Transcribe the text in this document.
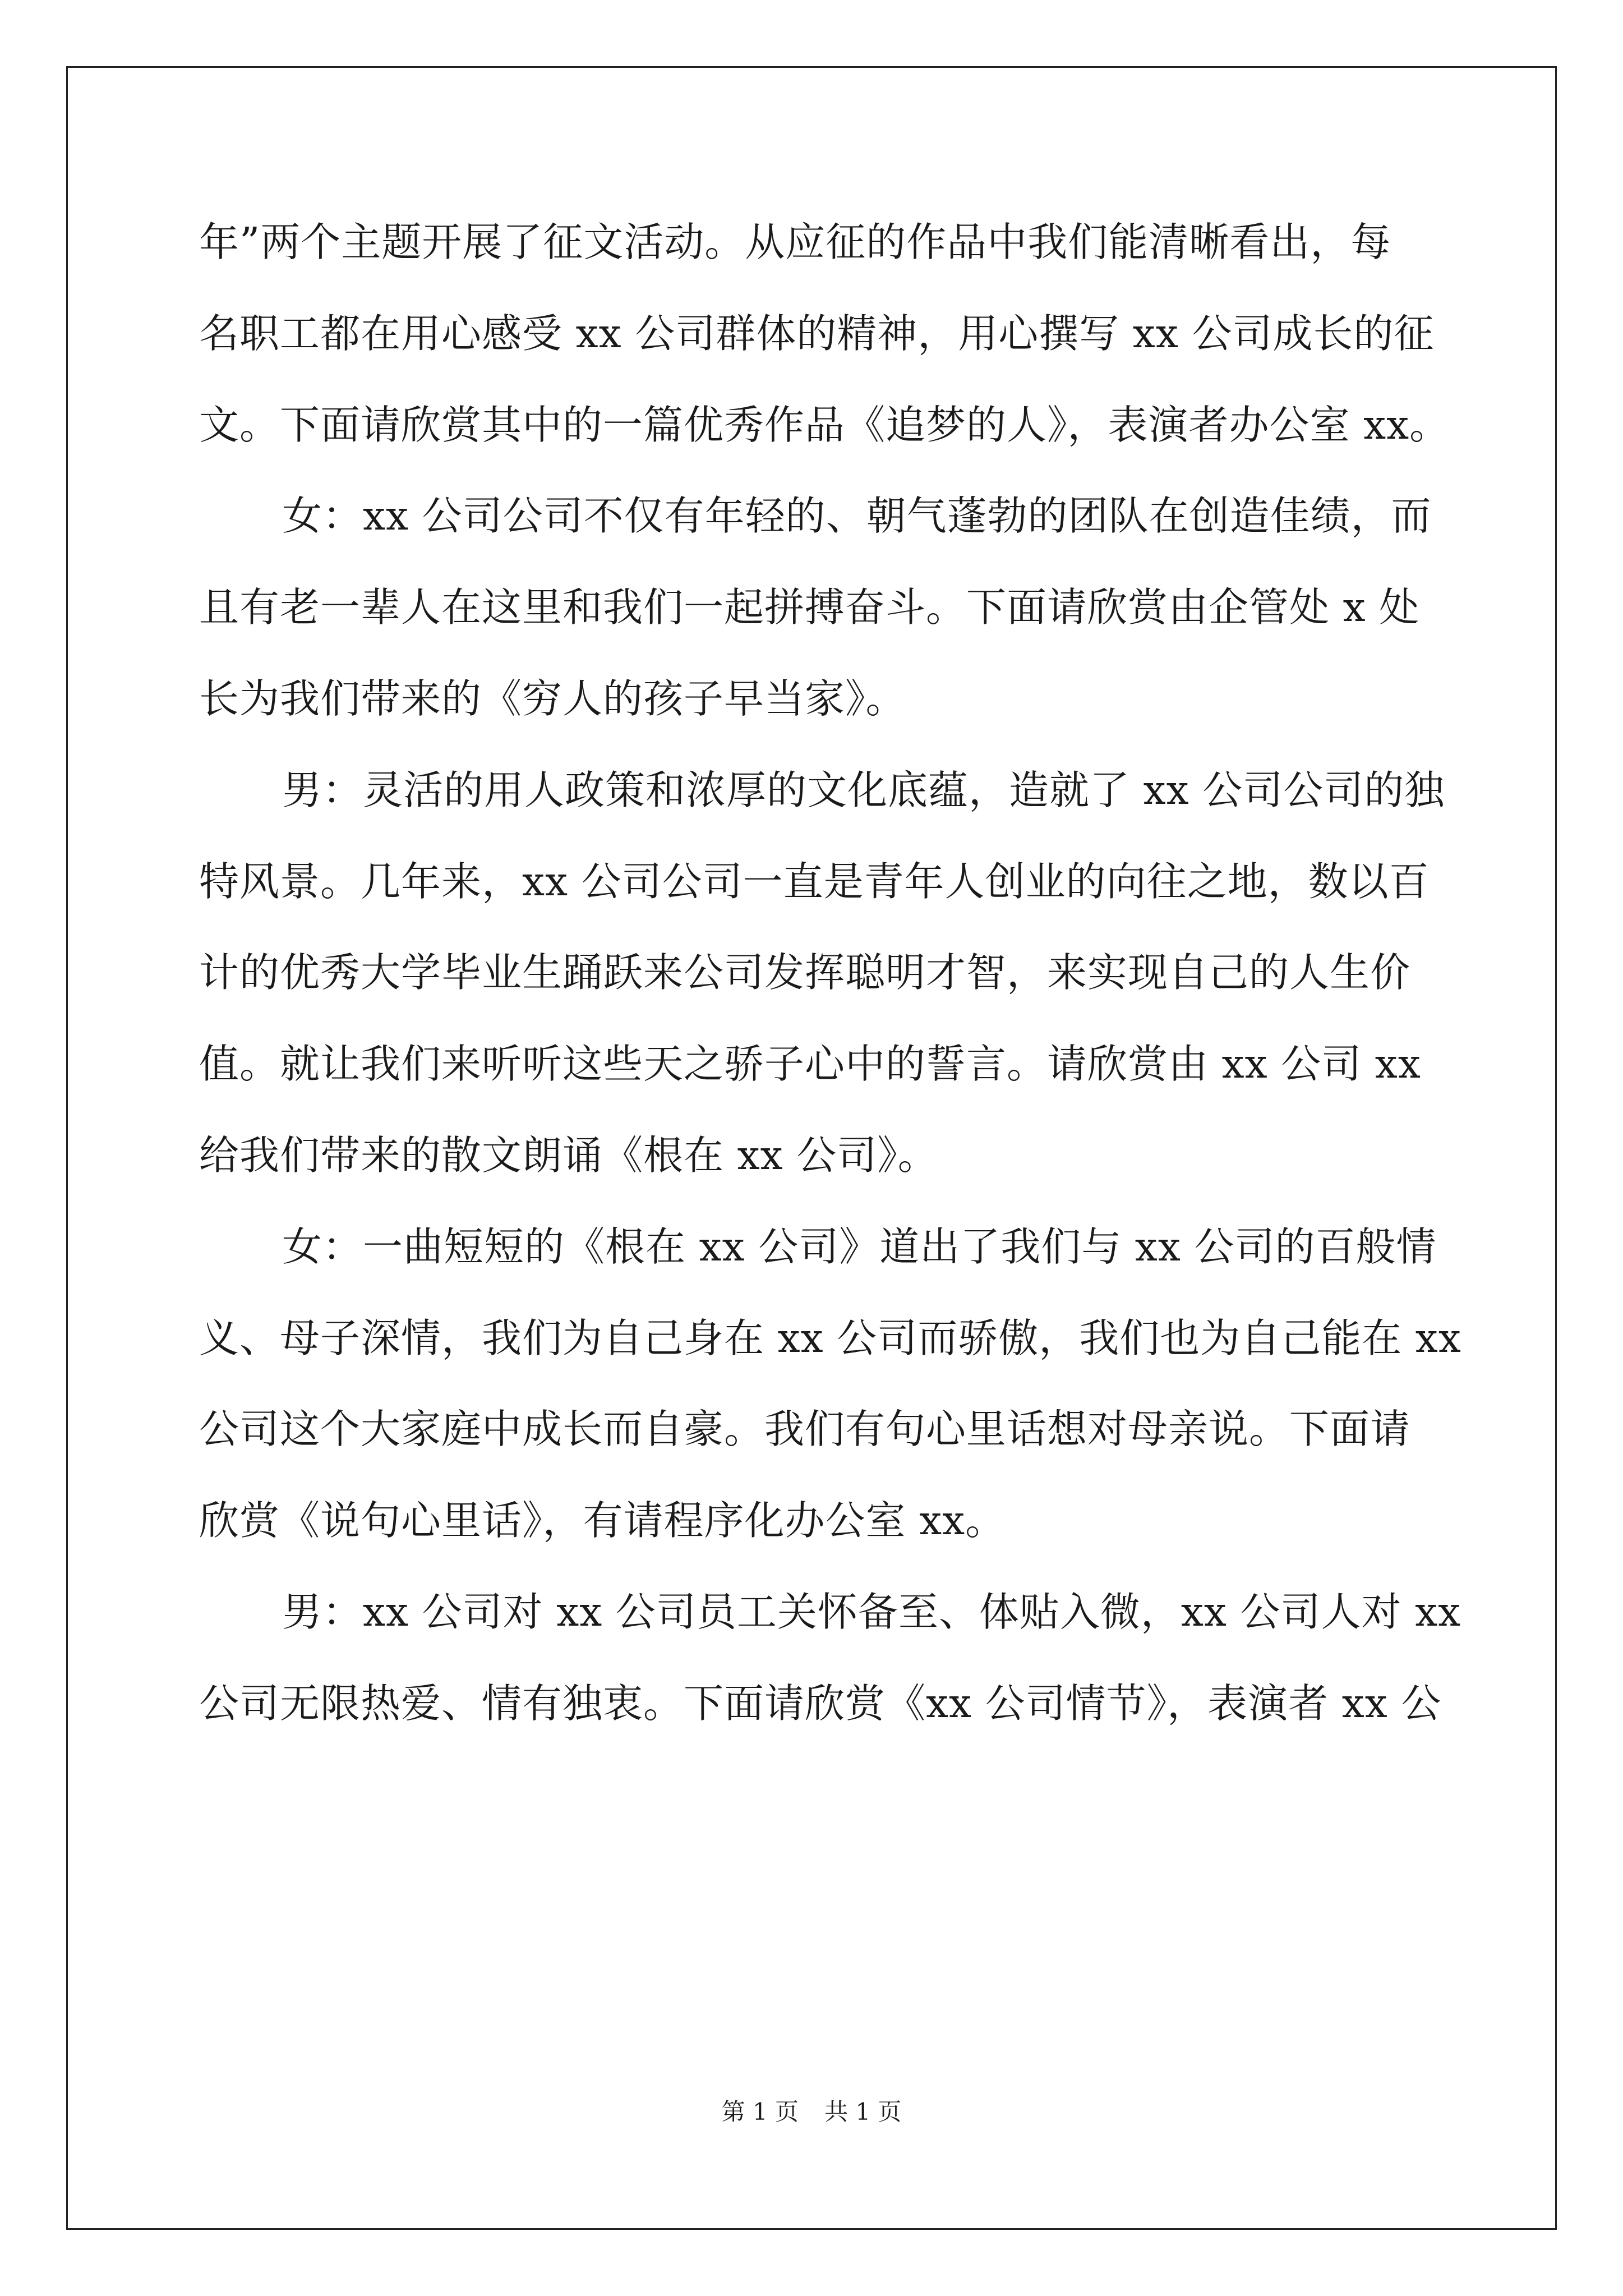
年”两个主题开展了征文活动。从应征的作品中我们能清晰看出，每
名职工都在用心感受 xx 公司群体的精神，用心撰写 xx 公司成长的征
文。下面请欣赏其中的一篇优秀作品《追梦的人》，表演者办公室 xx。
女：xx 公司公司不仅有年轻的、朝气蓬勃的团队在创造佳绩，而
且有老一辈人在这里和我们一起拼搏奋斗。下面请欣赏由企管处 x 处
长为我们带来的《穷人的孩子早当家》。
男：灵活的用人政策和浓厚的文化底蕴，造就了 xx 公司公司的独
特风景。几年来，xx 公司公司一直是青年人创业的向往之地，数以百
计的优秀大学毕业生踊跃来公司发挥聪明才智，来实现自己的人生价
值。就让我们来听听这些天之骄子心中的誓言。请欣赏由 xx 公司 xx
给我们带来的散文朗诵《根在 xx 公司》。
女：一曲短短的《根在 xx 公司》道出了我们与 xx 公司的百般情
义、母子深情，我们为自己身在 xx 公司而骄傲，我们也为自己能在 xx
公司这个大家庭中成长而自豪。我们有句心里话想对母亲说。下面请
欣赏《说句心里话》，有请程序化办公室 xx。
男：xx 公司对 xx 公司员工关怀备至、体贴入微，xx 公司人对 xx
公司无限热爱、情有独衷。下面请欣赏《xx 公司情节》，表演者 xx 公
第 1 页 共 1 页
